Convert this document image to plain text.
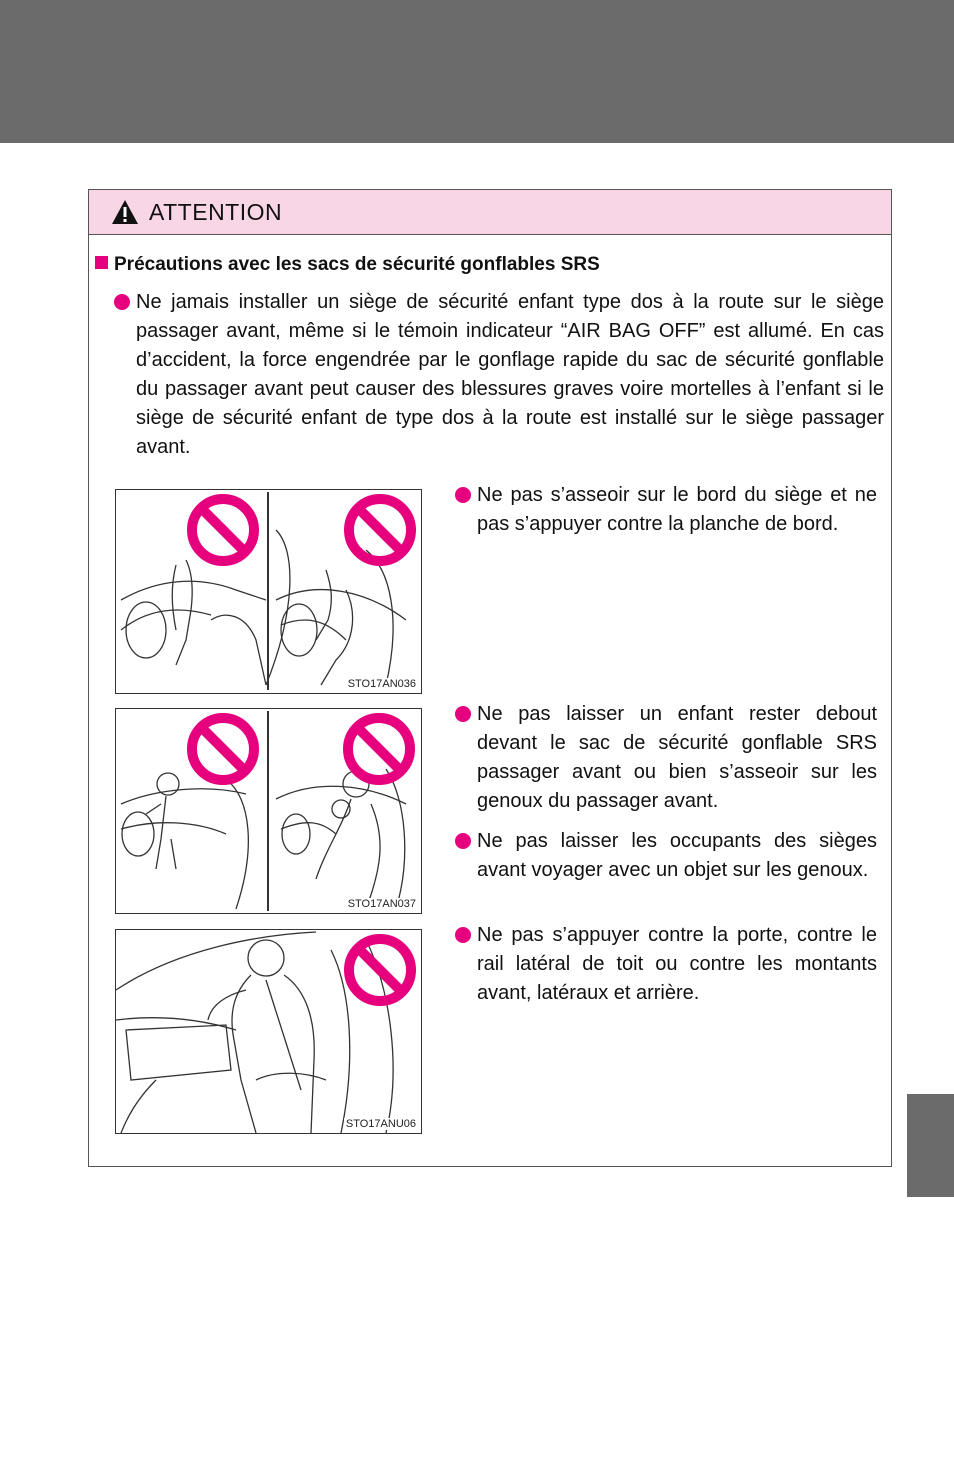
ATTENTION
Précautions avec les sacs de sécurité gonflables SRS
Ne jamais installer un siège de sécurité enfant type dos à la route sur le siège passager avant, même si le témoin indicateur “AIR BAG OFF” est allumé. En cas d’accident, la force engendrée par le gonflage rapide du sac de sécurité gonflable du passager avant peut causer des blessures graves voire mortelles à l’enfant si le siège de sécurité enfant de type dos à la route est installé sur le siège passager avant.
STO17AN036
Ne pas s’asseoir sur le bord du siège et ne pas s’appuyer contre la planche de bord.
STO17AN037
Ne pas laisser un enfant rester debout devant le sac de sécurité gonflable SRS passager avant ou bien s’asseoir sur les genoux du passager avant.
Ne pas laisser les occupants des sièges avant voyager avec un objet sur les genoux.
STO17ANU06
Ne pas s’appuyer contre la porte, contre le rail latéral de toit ou contre les montants avant, latéraux et arrière.
